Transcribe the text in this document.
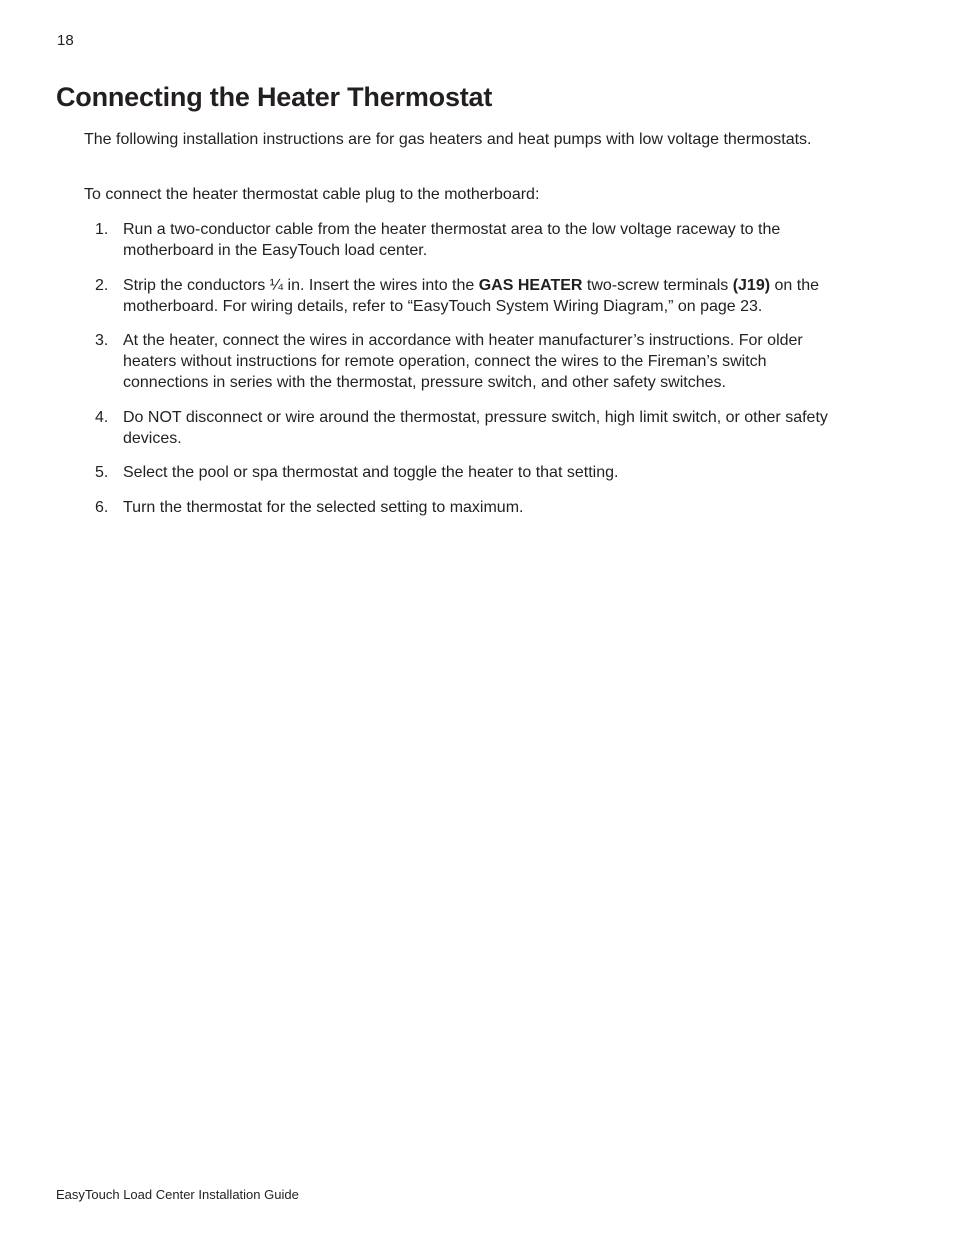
18
Connecting the Heater Thermostat

The following installation instructions are for gas heaters and heat pumps with low voltage thermostats.

To connect the heater thermostat cable plug to the motherboard:

1. Run a two-conductor cable from the heater thermostat area to the low voltage raceway to the motherboard in the EasyTouch load center.
2. Strip the conductors ¼ in. Insert the wires into the GAS HEATER two-screw terminals (J19) on the motherboard. For wiring details, refer to “EasyTouch System Wiring Diagram,” on page 23.
3. At the heater, connect the wires in accordance with heater manufacturer’s instructions. For older heaters without instructions for remote operation, connect the wires to the Fireman’s switch connections in series with the thermostat, pressure switch, and other safety switches.
4. Do NOT disconnect or wire around the thermostat, pressure switch, high limit switch, or other safety devices.
5. Select the pool or spa thermostat and toggle the heater to that setting.
6. Turn the thermostat for the selected setting to maximum.
EasyTouch Load Center Installation Guide
